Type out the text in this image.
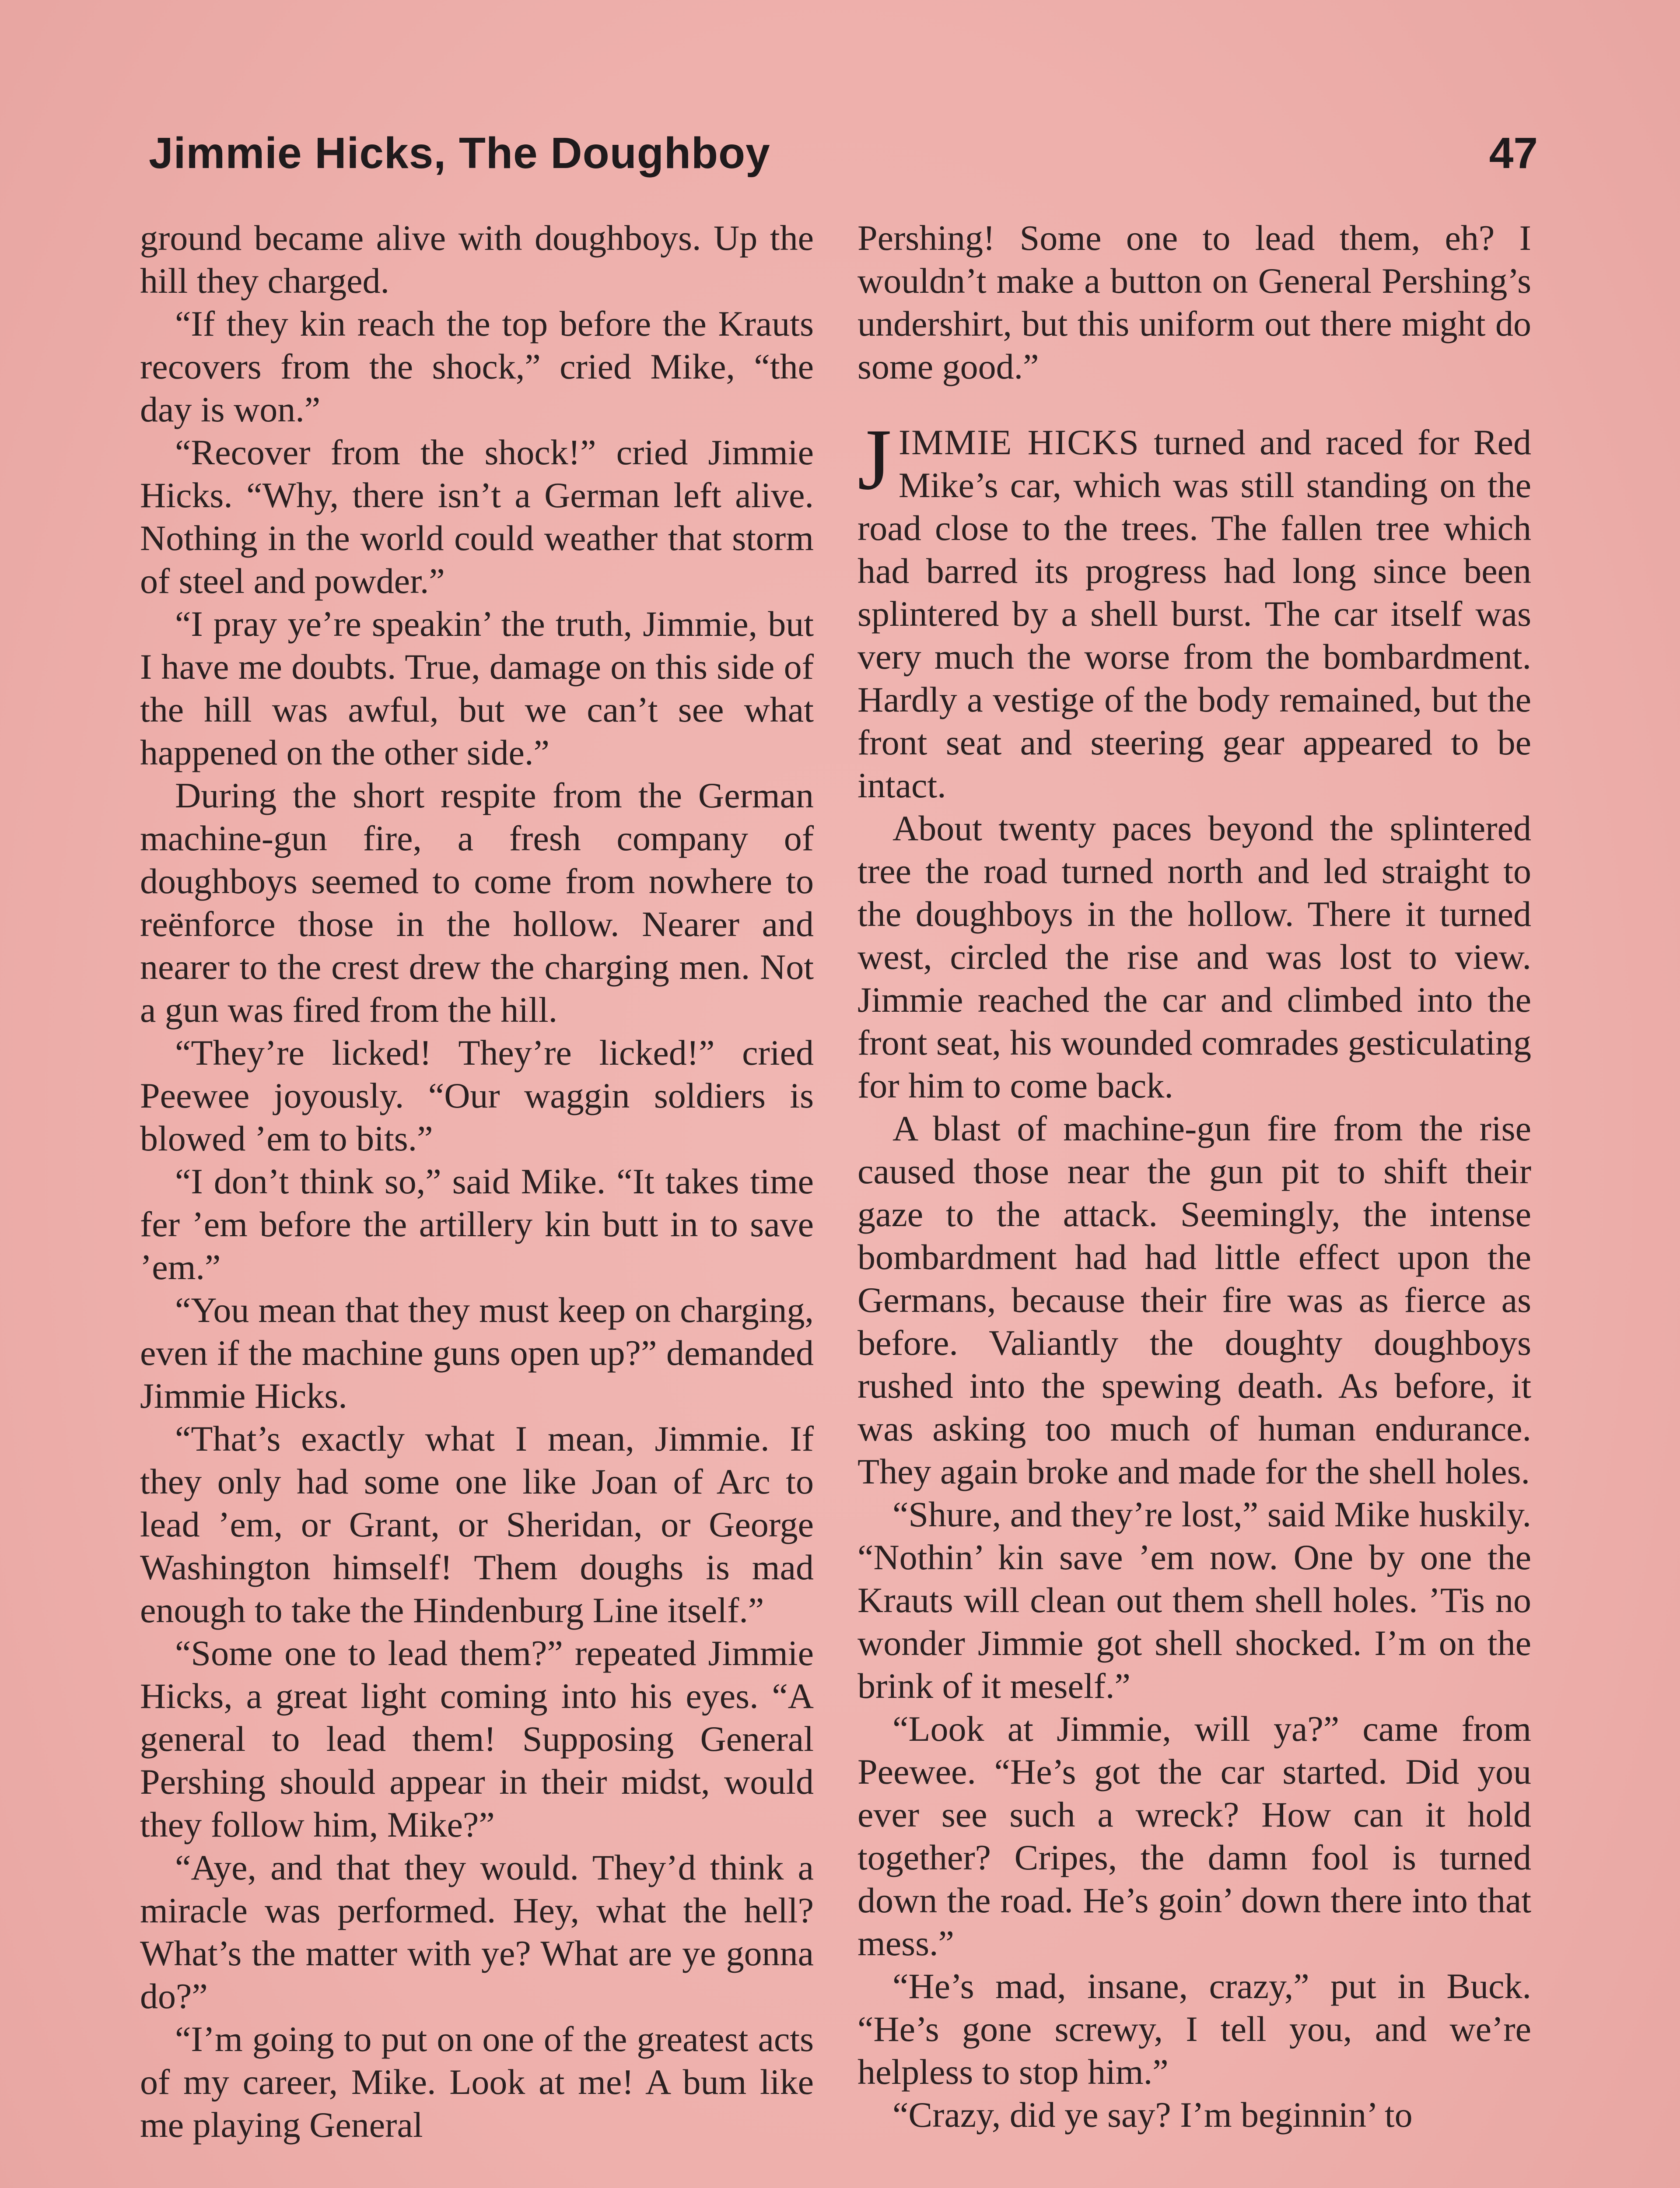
Jimmie Hicks, The Doughboy	47

ground became alive with doughboys. Up the hill they charged.

“If they kin reach the top before the Krauts recovers from the shock,” cried Mike, “the day is won.”

“Recover from the shock!” cried Jimmie Hicks. “Why, there isn’t a German left alive. Nothing in the world could weather that storm of steel and powder.”

“I pray ye’re speakin’ the truth, Jimmie, but I have me doubts. True, damage on this side of the hill was awful, but we can’t see what happened on the other side.”

During the short respite from the German machine-gun fire, a fresh company of doughboys seemed to come from nowhere to reënforce those in the hollow. Nearer and nearer to the crest drew the charging men. Not a gun was fired from the hill.

“They’re licked! They’re licked!” cried Peewee joyously. “Our waggin soldiers is blowed ’em to bits.”

“I don’t think so,” said Mike. “It takes time fer ’em before the artillery kin butt in to save ’em.”

“You mean that they must keep on charging, even if the machine guns open up?” demanded Jimmie Hicks.

“That’s exactly what I mean, Jimmie. If they only had some one like Joan of Arc to lead ’em, or Grant, or Sheridan, or George Washington himself! Them doughs is mad enough to take the Hindenburg Line itself.”

“Some one to lead them?” repeated Jimmie Hicks, a great light coming into his eyes. “A general to lead them! Supposing General Pershing should appear in their midst, would they follow him, Mike?”

“Aye, and that they would. They’d think a miracle was performed. Hey, what the hell? What’s the matter with ye? What are ye gonna do?”

“I’m going to put on one of the greatest acts of my career, Mike. Look at me! A bum like me playing General

Pershing! Some one to lead them, eh? I wouldn’t make a button on General Pershing’s undershirt, but this uniform out there might do some good.”

JIMMIE HICKS turned and raced for Red Mike’s car, which was still standing on the road close to the trees. The fallen tree which had barred its progress had long since been splintered by a shell burst. The car itself was very much the worse from the bombardment. Hardly a vestige of the body remained, but the front seat and steering gear appeared to be intact.

About twenty paces beyond the splintered tree the road turned north and led straight to the doughboys in the hollow. There it turned west, circled the rise and was lost to view. Jimmie reached the car and climbed into the front seat, his wounded comrades gesticulating for him to come back.

A blast of machine-gun fire from the rise caused those near the gun pit to shift their gaze to the attack. Seemingly, the intense bombardment had had little effect upon the Germans, because their fire was as fierce as before. Valiantly the doughty doughboys rushed into the spewing death. As before, it was asking too much of human endurance. They again broke and made for the shell holes.

“Shure, and they’re lost,” said Mike huskily. “Nothin’ kin save ’em now. One by one the Krauts will clean out them shell holes. ’Tis no wonder Jimmie got shell shocked. I’m on the brink of it meself.”

“Look at Jimmie, will ya?” came from Peewee. “He’s got the car started. Did you ever see such a wreck? How can it hold together? Cripes, the damn fool is turned down the road. He’s goin’ down there into that mess.”

“He’s mad, insane, crazy,” put in Buck. “He’s gone screwy, I tell you, and we’re helpless to stop him.”

“Crazy, did ye say? I’m beginnin’ to
